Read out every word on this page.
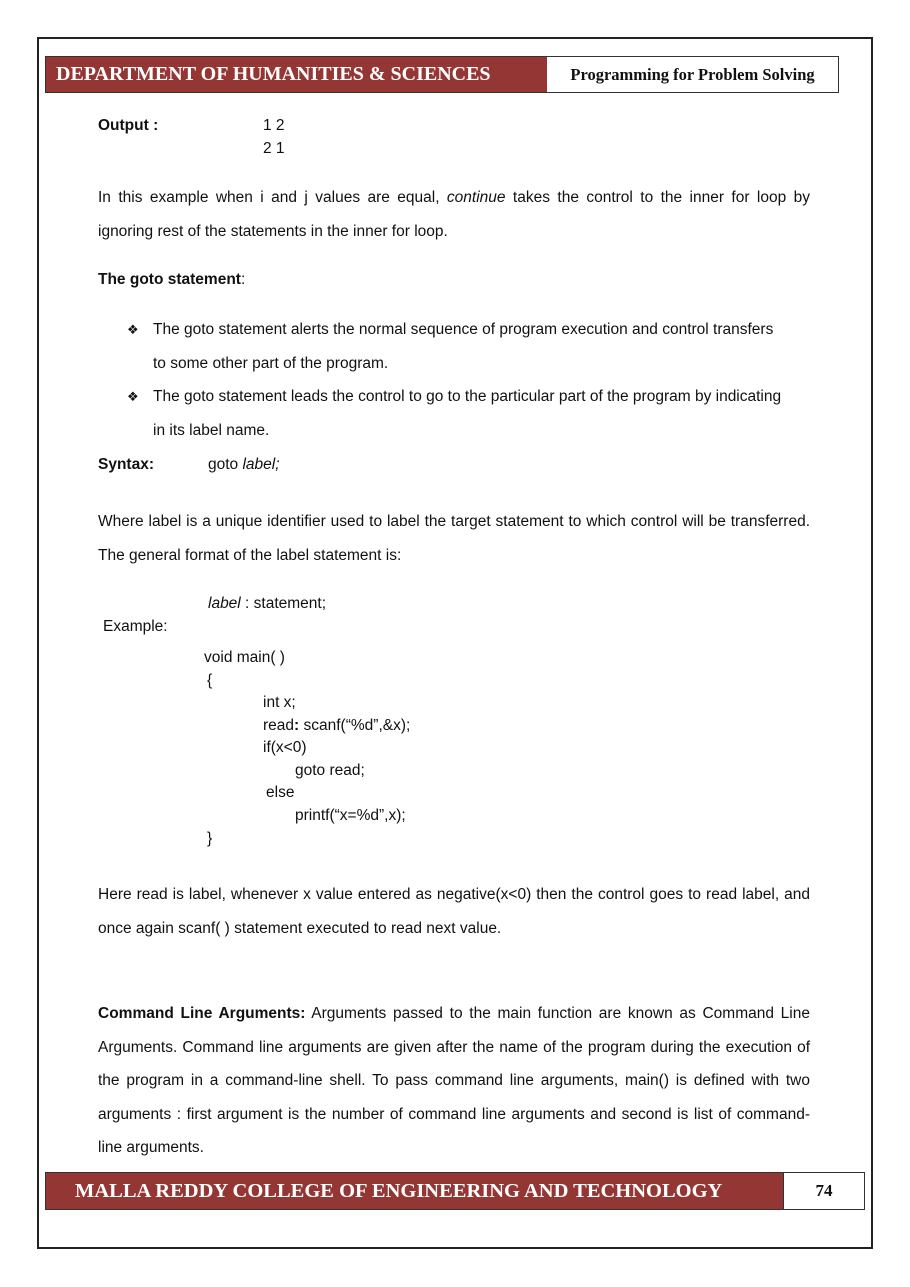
DEPARTMENT OF HUMANITIES & SCIENCES	Programming for Problem Solving
Output :	1 2
2 1
In this example when i and j values are equal, continue takes the control to the inner for loop by ignoring rest of the statements in the inner for loop.
The goto statement:
❖ The goto statement alerts the normal sequence of program execution and control transfers to some other part of the program.
❖ The goto statement leads the control to go to the particular part of the program by indicating in its label name.
Syntax:	goto label;
Where label is a unique identifier used to label the target statement to which control will be transferred. The general format of the label statement is:
label : statement;
Example:
void main( )
{
int x;
read: scanf(“%d”,&x);
if(x<0)
goto read;
else
printf(“x=%d”,x);
}
Here read is label, whenever x value entered as negative(x<0) then the control goes to read label, and once again scanf( ) statement executed to read next value.
Command Line Arguments: Arguments passed to the main function are known as Command Line Arguments. Command line arguments are given after the name of the program during the execution of the program in a command-line shell. To pass command line arguments, main() is defined with two arguments : first argument is the number of command line arguments and second is list of command-line arguments.
MALLA REDDY COLLEGE OF ENGINEERING AND TECHNOLOGY	74
